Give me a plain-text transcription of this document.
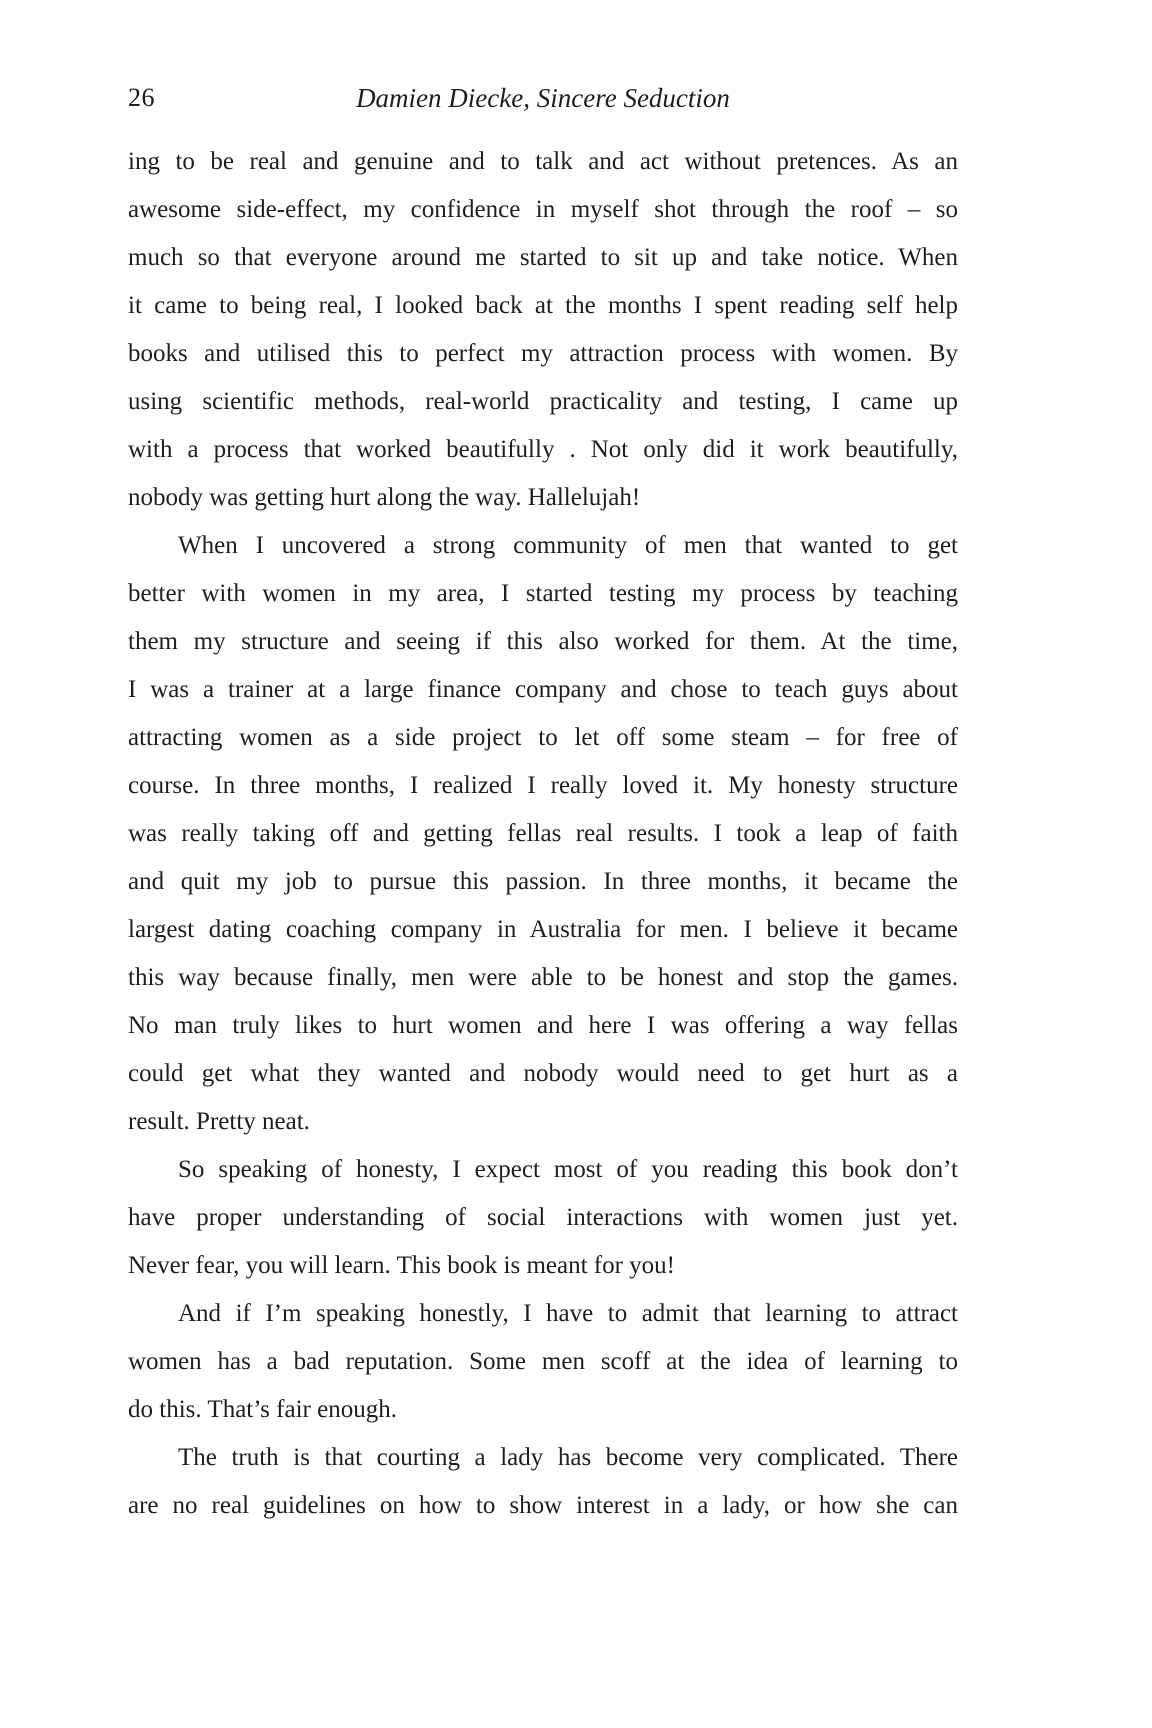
26	Damien Diecke, Sincere Seduction
ing to be real and genuine and to talk and act without pretences. As an
awesome side-effect, my confidence in myself shot through the roof – so
much so that everyone around me started to sit up and take notice. When
it came to being real, I looked back at the months I spent reading self help
books and utilised this to perfect my attraction process with women. By
using scientific methods, real-world practicality and testing, I came up
with a process that worked beautifully . Not only did it work beautifully,
nobody was getting hurt along the way. Hallelujah!
When I uncovered a strong community of men that wanted to get
better with women in my area, I started testing my process by teaching
them my structure and seeing if this also worked for them. At the time,
I was a trainer at a large finance company and chose to teach guys about
attracting women as a side project to let off some steam – for free of
course. In three months, I realized I really loved it. My honesty structure
was really taking off and getting fellas real results. I took a leap of faith
and quit my job to pursue this passion. In three months, it became the
largest dating coaching company in Australia for men. I believe it became
this way because finally, men were able to be honest and stop the games.
No man truly likes to hurt women and here I was offering a way fellas
could get what they wanted and nobody would need to get hurt as a
result. Pretty neat.
So speaking of honesty, I expect most of you reading this book don’t
have proper understanding of social interactions with women just yet.
Never fear, you will learn. This book is meant for you!
And if I’m speaking honestly, I have to admit that learning to attract
women has a bad reputation. Some men scoff at the idea of learning to
do this. That’s fair enough.
The truth is that courting a lady has become very complicated. There
are no real guidelines on how to show interest in a lady, or how she can
